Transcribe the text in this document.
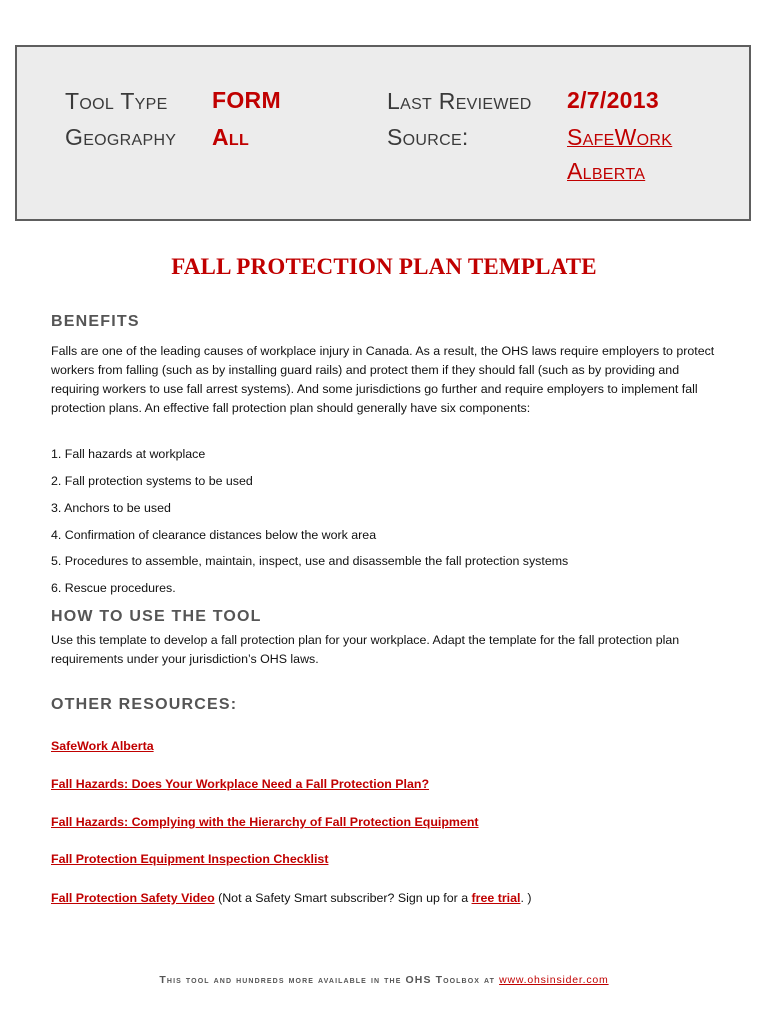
Tool Type FORM
Geography All
Last Reviewed 2/7/2013
Source:	SafeWork
Alberta
FALL PROTECTION PLAN TEMPLATE
BENEFITS

Falls are one of the leading causes of workplace injury in Canada. As a result, the OHS laws require employers to protect workers from falling (such as by installing guard rails) and protect them if they should fall (such as by providing and requiring workers to use fall arrest systems). And some jurisdictions go further and require employers to implement fall protection plans. An effective fall protection plan should generally have six components:

1. Fall hazards at workplace
2. Fall protection systems to be used
3. Anchors to be used
4. Confirmation of clearance distances below the work area
5. Procedures to assemble, maintain, inspect, use and disassemble the fall protection systems
6. Rescue procedures.
HOW TO USE THE TOOL

Use this template to develop a fall protection plan for your workplace. Adapt the template for the fall protection plan requirements under your jurisdiction’s OHS laws.

OTHER RESOURCES:
SafeWork Alberta
Fall Hazards: Does Your Workplace Need a Fall Protection Plan?
Fall Hazards: Complying with the Hierarchy of Fall Protection Equipment
Fall Protection Equipment Inspection Checklist
Fall Protection Safety Video (Not a Safety Smart subscriber? Sign up for a free trial. )
This tool and hundreds more available in the OHS Toolbox at www.ohsinsider.com
